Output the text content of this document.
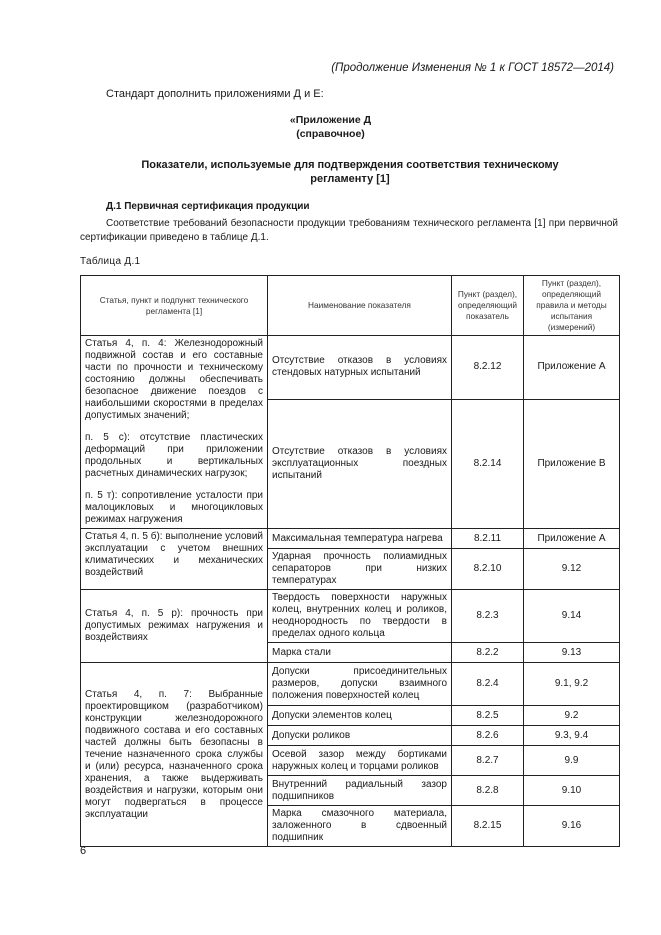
(Продолжение Изменения № 1 к ГОСТ 18572—2014)
Стандарт дополнить приложениями Д и Е:
«Приложение Д
(справочное)
Показатели, используемые для подтверждения соответствия техническому
регламенту [1]
Д.1 Первичная сертификация продукции
Соответствие требований безопасности продукции требованиям технического регламента [1] при первичной сертификации приведено в таблице Д.1.
Таблица Д.1
Статья, пункт и подпункт технического регламента [1]	Наименование показателя	Пункт (раздел), определяющий показатель	Пункт (раздел), определяющий правила и методы испытания (измерений)
Статья 4, п. 4: Железнодорожный подвижной состав и его составные части по прочности и техническому состоянию должны обеспечивать безопасное движение поездов с наибольшими скоростями в пределах допустимых значений;
п. 5 с): отсутствие пластических деформаций при приложении продольных и вертикальных расчетных динамических нагрузок;
п. 5 т): сопротивление усталости при малоцикловых и многоцикловых режимах нагружения	Отсутствие отказов в условиях стендовых натурных испытаний	8.2.12	Приложение А
	Отсутствие отказов в условиях эксплуатационных поездных испытаний	8.2.14	Приложение В
Статья 4, п. 5 б): выполнение условий эксплуатации с учетом внешних климатических и механических воздействий	Максимальная температура нагрева	8.2.11	Приложение А
	Ударная прочность полиамидных сепараторов при низких температурах	8.2.10	9.12
Статья 4, п. 5 р): прочность при допустимых режимах нагружения и воздействиях	Твердость поверхности наружных колец, внутренних колец и роликов, неоднородность по твердости в пределах одного кольца	8.2.3	9.14
	Марка стали	8.2.2	9.13
Статья 4, п. 7: Выбранные проектировщиком (разработчиком) конструкции железнодорожного подвижного состава и его составных частей должны быть безопасны в течение назначенного срока службы и (или) ресурса, назначенного срока хранения, а также выдерживать воздействия и нагрузки, которым они могут подвергаться в процессе эксплуатации	Допуски присоединительных размеров, допуски взаимного положения поверхностей колец	8.2.4	9.1, 9.2
	Допуски элементов колец	8.2.5	9.2
	Допуски роликов	8.2.6	9.3, 9.4
	Осевой зазор между бортиками наружных колец и торцами роликов	8.2.7	9.9
	Внутренний радиальный зазор подшипников	8.2.8	9.10
	Марка смазочного материала, заложенного в сдвоенный подшипник	8.2.15	9.16
6
